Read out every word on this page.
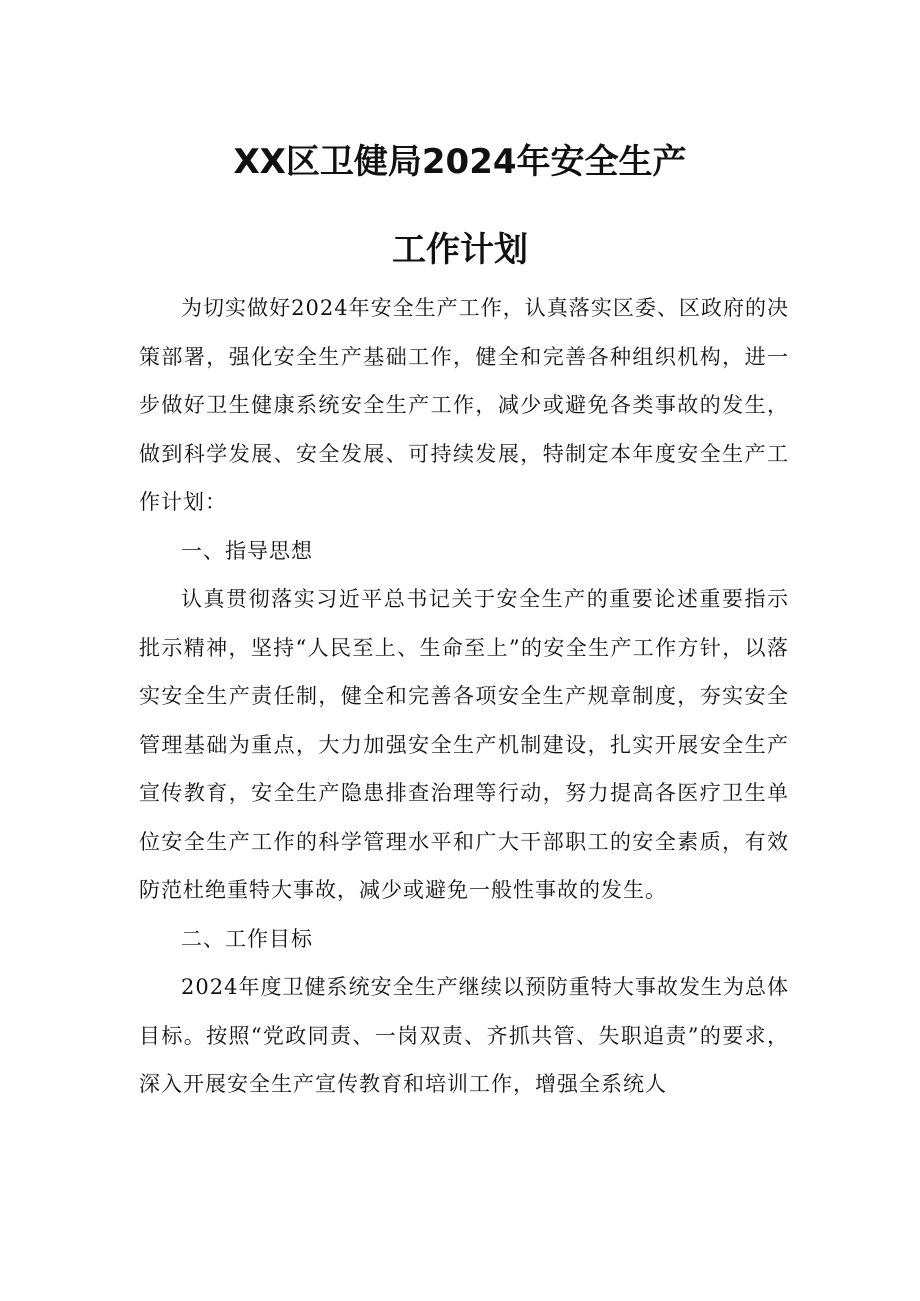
XX区卫健局2024年安全生产
工作计划

为切实做好2024年安全生产工作，认真落实区委、区政府的决策部署，强化安全生产基础工作，健全和完善各种组织机构，进一步做好卫生健康系统安全生产工作，减少或避免各类事故的发生，做到科学发展、安全发展、可持续发展，特制定本年度安全生产工作计划：

一、指导思想

认真贯彻落实习近平总书记关于安全生产的重要论述重要指示批示精神，坚持“人民至上、生命至上”的安全生产工作方针，以落实安全生产责任制，健全和完善各项安全生产规章制度，夯实安全管理基础为重点，大力加强安全生产机制建设，扎实开展安全生产宣传教育，安全生产隐患排查治理等行动，努力提高各医疗卫生单位安全生产工作的科学管理水平和广大干部职工的安全素质，有效防范杜绝重特大事故，减少或避免一般性事故的发生。

二、工作目标

2024年度卫健系统安全生产继续以预防重特大事故发生为总体目标。按照“党政同责、一岗双责、齐抓共管、失职追责”的要求，深入开展安全生产宣传教育和培训工作，增强全系统人
